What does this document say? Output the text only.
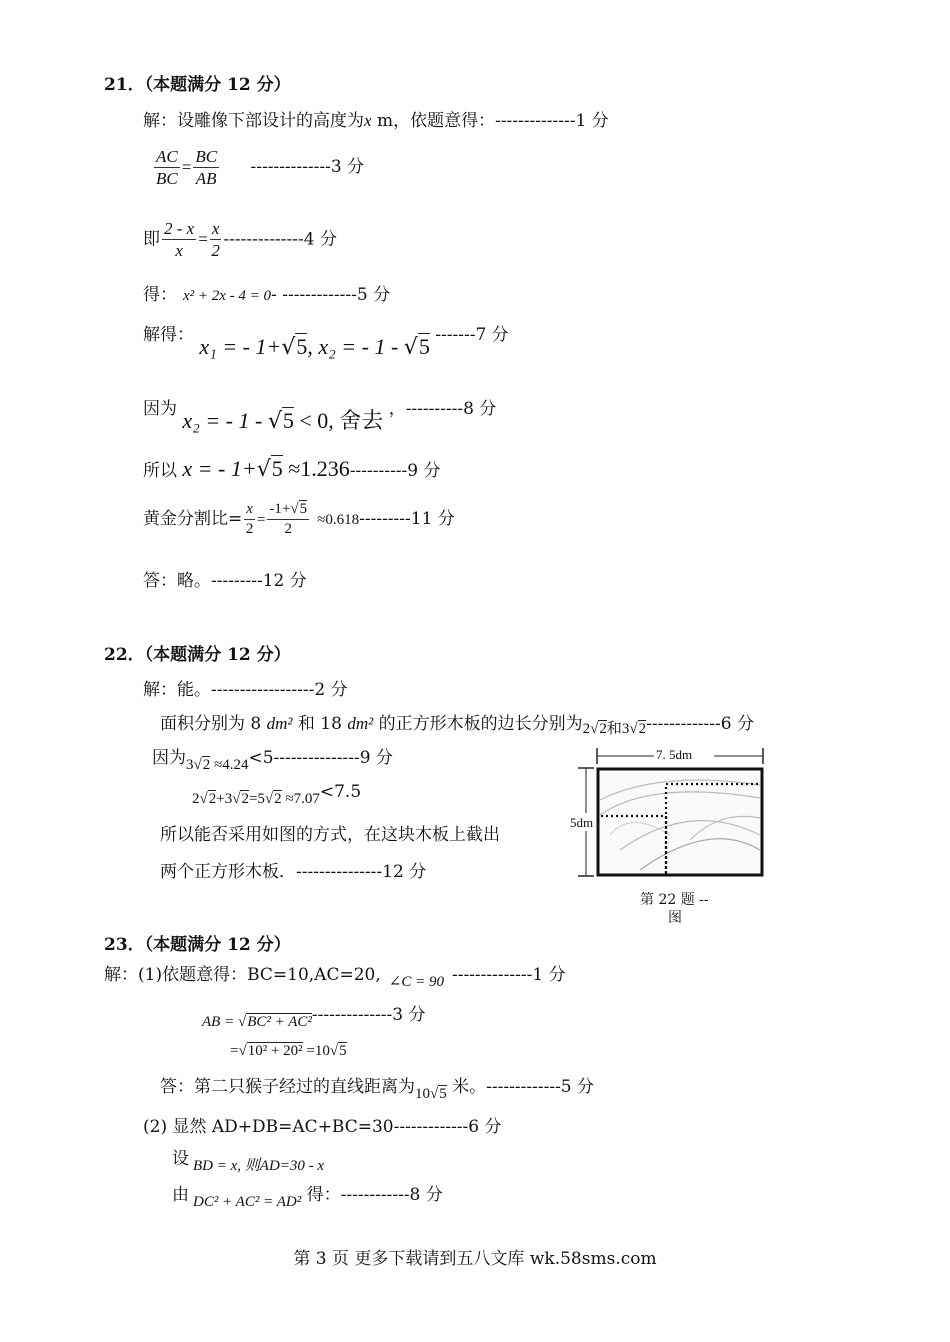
21．（本题满分 12 分）
解：设雕像下部设计的高度为x m，依题意得：--------------1 分
$\frac{AC}{BC} = \frac{BC}{AB} --------------3$ 分
即 $\frac{2 - x}{x} = \frac{x}{2} --------------4$ 分
得： x² + 2x - 4 = 0- -------------5 分
解得： x₁ = - 1+√5, x₂ = - 1 - √5 -------7 分
因为 x₂ = - 1 - √5 < 0, 舍去 ，----------8 分
所以 x = - 1+√5 ≈1.236----------9 分
黄金分割比= $\frac{x}{2} = \frac{-1+√5}{2} \approx 0.618---------11$ 分
答：略。---------12 分
22．（本题满分 12 分）
解：能。------------------2 分
面积分别为 8 dm² 和 18 dm² 的正方形木板的边长分别为2√2和3√2-------------6 分
因为3√2 ≈4.24<5---------------9 分
2√2+3√2=5√2 ≈7.07<7.5
所以能否采用如图的方式，在这块木板上截出
两个正方形木板．---------------12 分
7. 5dm
5dm
第 22 题 --
图
23．（本题满分 12 分）
解：(1)依题意得：BC=10,AC=20, ∠C = 90 --------------1 分
AB = √BC² + AC²--------------3 分
=√10² + 20² =10√5
答：第二只猴子经过的直线距离为10√5 米。-------------5 分
(2) 显然 AD+DB=AC+BC=30-------------6 分
设 BD = x, 则AD=30 - x
由 DC² + AC² = AD² 得：------------8 分
第 3 页 更多下载请到五八文库 wk.58sms.com
